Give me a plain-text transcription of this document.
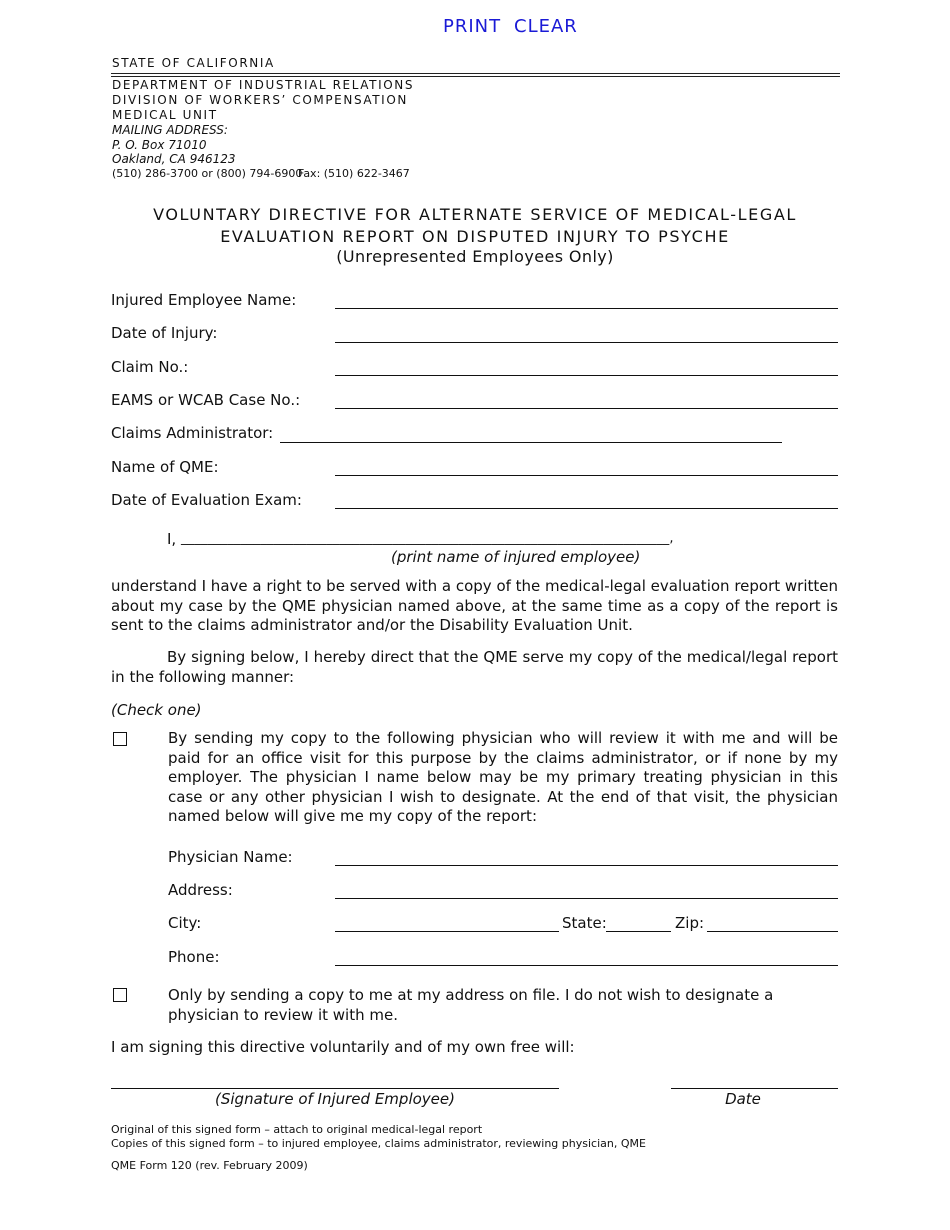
PRINT CLEAR
STATE OF CALIFORNIA
DEPARTMENT OF INDUSTRIAL RELATIONS
DIVISION OF WORKERS’ COMPENSATION
MEDICAL UNIT
MAILING ADDRESS:
P. O. Box 71010
Oakland, CA 946123
(510) 286-3700 or (800) 794-6900
Fax: (510) 622-3467
VOLUNTARY DIRECTIVE FOR ALTERNATE SERVICE OF MEDICAL-LEGAL
EVALUATION REPORT ON DISPUTED INJURY TO PSYCHE
(Unrepresented Employees Only)
Injured Employee Name:
Date of Injury:
Claim No.:
EAMS or WCAB Case No.:
Claims Administrator:
Name of QME:
Date of Evaluation Exam:
I, __________________________________________________________________________,
(print name of injured employee)
understand I have a right to be served with a copy of the medical-legal evaluation report written about my case by the QME physician named above, at the same time as a copy of the report is sent to the claims administrator and/or the Disability Evaluation Unit.
By signing below, I hereby direct that the QME serve my copy of the medical/legal report in the following manner:
(Check one)
By sending my copy to the following physician who will review it with me and will be paid for an office visit for this purpose by the claims administrator, or if none by my employer. The physician I name below may be my primary treating physician in this case or any other physician I wish to designate. At the end of that visit, the physician named below will give me my copy of the report:
Physician Name:
Address:
City:	State:	Zip:
Phone:
Only by sending a copy to me at my address on file. I do not wish to designate a physician to review it with me.
I am signing this directive voluntarily and of my own free will:
(Signature of Injured Employee)	Date
Original of this signed form – attach to original medical-legal report
Copies of this signed form – to injured employee, claims administrator, reviewing physician, QME
QME Form 120 (rev. February 2009)
